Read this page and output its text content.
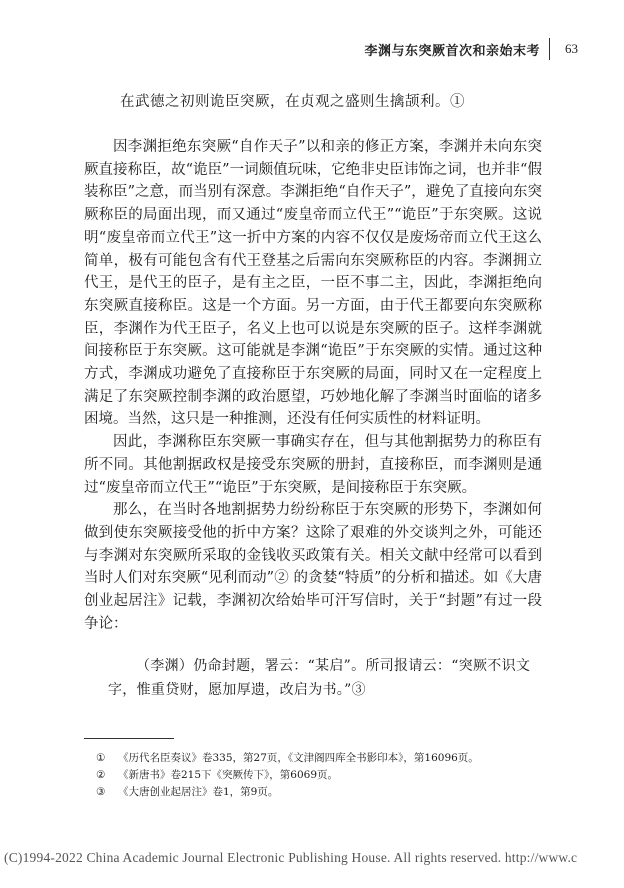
李渊与东突厥首次和亲始末考 63
在武德之初则诡臣突厥，在贞观之盛则生擒颉利。①

因李渊拒绝东突厥“自作天子”以和亲的修正方案，李渊并未向东突厥直接称臣，故“诡臣”一词颇值玩味，它绝非史臣讳饰之词，也并非“假装称臣”之意，而当别有深意。李渊拒绝“自作天子”，避免了直接向东突厥称臣的局面出现，而又通过“废皇帝而立代王”“诡臣”于东突厥。这说明“废皇帝而立代王”这一折中方案的内容不仅仅是废炀帝而立代王这么简单，极有可能包含有代王登基之后需向东突厥称臣的内容。李渊拥立代王，是代王的臣子，是有主之臣，一臣不事二主，因此，李渊拒绝向东突厥直接称臣。这是一个方面。另一方面，由于代王都要向东突厥称臣，李渊作为代王臣子，名义上也可以说是东突厥的臣子。这样李渊就间接称臣于东突厥。这可能就是李渊“诡臣”于东突厥的实情。通过这种方式，李渊成功避免了直接称臣于东突厥的局面，同时又在一定程度上满足了东突厥控制李渊的政治愿望，巧妙地化解了李渊当时面临的诸多困境。当然，这只是一种推测，还没有任何实质性的材料证明。

因此，李渊称臣东突厥一事确实存在，但与其他割据势力的称臣有所不同。其他割据政权是接受东突厥的册封，直接称臣，而李渊则是通过“废皇帝而立代王”“诡臣”于东突厥，是间接称臣于东突厥。

那么，在当时各地割据势力纷纷称臣于东突厥的形势下，李渊如何做到使东突厥接受他的折中方案？这除了艰难的外交谈判之外，可能还与李渊对东突厥所采取的金钱收买政策有关。相关文献中经常可以看到当时人们对东突厥“见利而动”② 的贪婪“特质”的分析和描述。如《大唐创业起居注》记载，李渊初次给始毕可汗写信时，关于“封题”有过一段争论：

（李渊）仍命封题，署云：“某启”。所司报请云：“突厥不识文字，惟重贷财，愿加厚遗，改启为书。”③

① 《历代名臣奏议》卷335，第27页，《文津阁四库全书影印本》，第16096页。
② 《新唐书》卷215下《突厥传下》，第6069页。
③ 《大唐创业起居注》卷1，第9页。
(C)1994-2022 China Academic Journal Electronic Publishing House. All rights reserved. http://www.c
